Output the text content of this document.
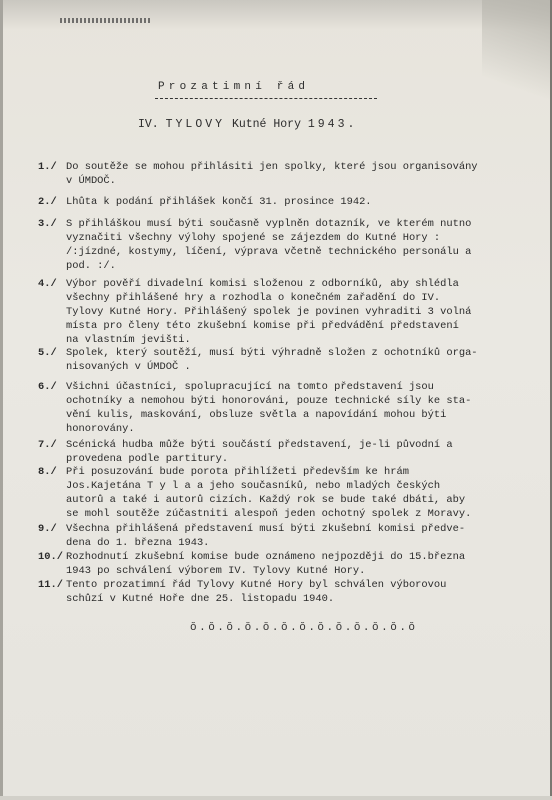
Prozatimní řád
IV. TYLOVY Kutné Hory 1943.
1./ Do soutěže se mohou přihlásiti jen spolky, které jsou organisovány
v ÚMDOČ.
2./ Lhůta k podání přihlášek končí 31. prosince 1942.
3./ S přihláškou musí býti současně vyplněn dotazník, ve kterém nutno
vyznačiti všechny výlohy spojené se zájezdem do Kutné Hory :
/:jízdné, kostymy, líčení, výprava včetně technického personálu a
pod. :/.
4./ Výbor pověří divadelní komisi složenou z odborníků, aby shlédla
všechny přihlášené hry a rozhodla o konečném zařadění do IV.
Tylovy Kutné Hory. Přihlášený spolek je povinen vyhraditi 3 volná
místa pro členy této zkušební komise při předvádění představení
na vlastním jevišti.
5./ Spolek, který soutěží, musí býti výhradně složen z ochotníků orga-
nisovaných v ÚMDOČ .
6./ Všichni účastníci, spolupracující na tomto představení jsou
ochotníky a nemohou býti honorováni, pouze technické síly ke sta-
vění kulis, maskování, obsluze světla a napovídání mohou býti
honorovány.
7./ Scénická hudba může býti součástí představení, je-li původní a
provedena podle partitury.
8./ Při posuzování bude porota přihlížeti především ke hrám
Jos.Kajetána T y l a a jeho současníků, nebo mladých českých
autorů a také i autorů cizích. Každý rok se bude také dbáti, aby
se mohl soutěže zúčastniti alespoň jeden ochotný spolek z Moravy.
9./ Všechna přihlášená představení musí býti zkušební komisi předve-
dena do 1. března 1943.
10./ Rozhodnutí zkušební komise bude oznámeno nejpozději do 15.března
1943 po schválení výborem IV. Tylovy Kutné Hory.
11./ Tento prozatimní řád Tylovy Kutné Hory byl schválen výborovou
schůzí v Kutné Hoře dne 25. listopadu 1940.
ŏ.ŏ.ŏ.ŏ.ŏ.ŏ.ŏ.ŏ.ŏ.ŏ.ŏ.ŏ.ŏ
